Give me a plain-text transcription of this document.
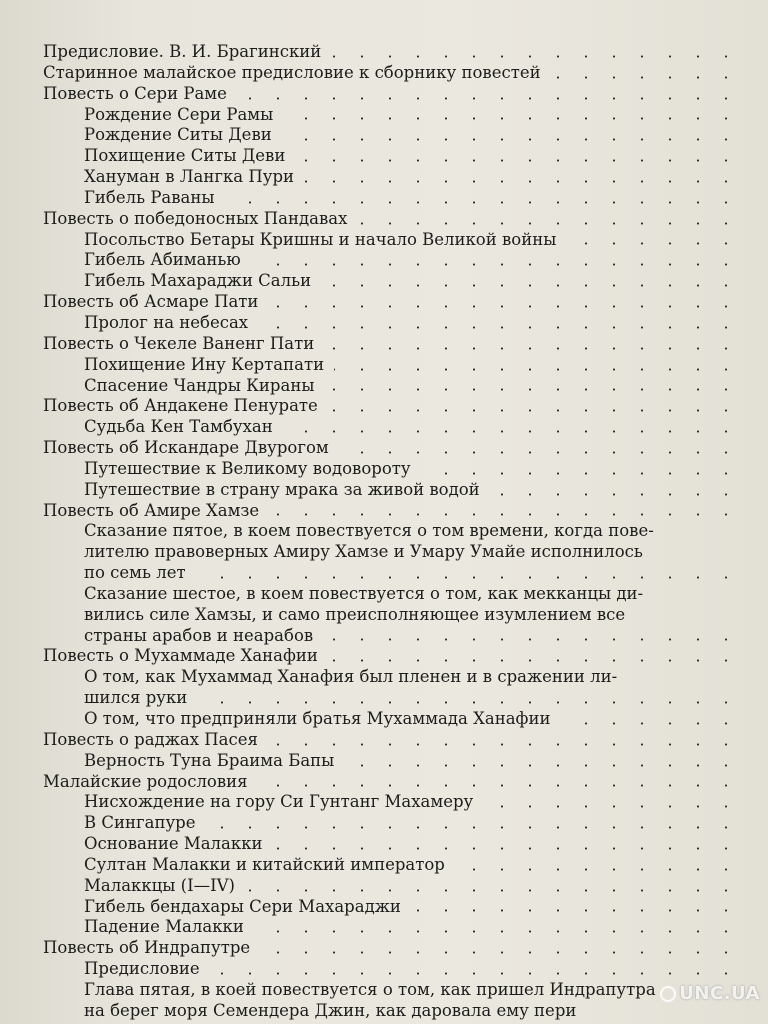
Предисловие. В. И. Брагинский
Старинное малайское предисловие к сборнику повестей
Повесть о Сери Раме
Рождение Сери Рамы
Рождение Ситы Деви
Похищение Ситы Деви
Хануман в Лангка Пури
Гибель Раваны
Повесть о победоносных Пандавах
Посольство Бетары Кришны и начало Великой войны
Гибель Абиманью
Гибель Махараджи Сальи
Повесть об Асмаре Пати
Пролог на небесах
Повесть о Чекеле Ваненг Пати
Похищение Ину Кертапати
Спасение Чандры Кираны
Повесть об Андакене Пенурате
Судьба Кен Тамбухан
Повесть об Искандаре Двурогом
Путешествие к Великому водовороту
Путешествие в страну мрака за живой водой
Повесть об Амире Хамзе
Сказание пятое, в коем повествуется о том времени, когда пове-
лителю правоверных Амиру Хамзе и Умару Умайе исполнилось
по семь лет
Сказание шестое, в коем повествуется о том, как мекканцы ди-
вились силе Хамзы, и само преисполняющее изумлением все
страны арабов и неарабов
Повесть о Мухаммаде Ханафии
О том, как Мухаммад Ханафия был пленен и в сражении ли-
шился руки
О том, что предприняли братья Мухаммада Ханафии
Повесть о раджах Пасея
Верность Туна Браима Бапы
Малайские родословия
Нисхождение на гору Си Гунтанг Махамеру
В Сингапуре
Основание Малакки
Султан Малакки и китайский император
Малаккцы (I—IV)
Гибель бендахары Сери Махараджи
Падение Малакки
Повесть об Индрапутре
Предисловие
Глава пятая, в коей повествуется о том, как пришел Индрапутра
на берег моря Семендера Джин, как даровала ему пери
UNC.UA
